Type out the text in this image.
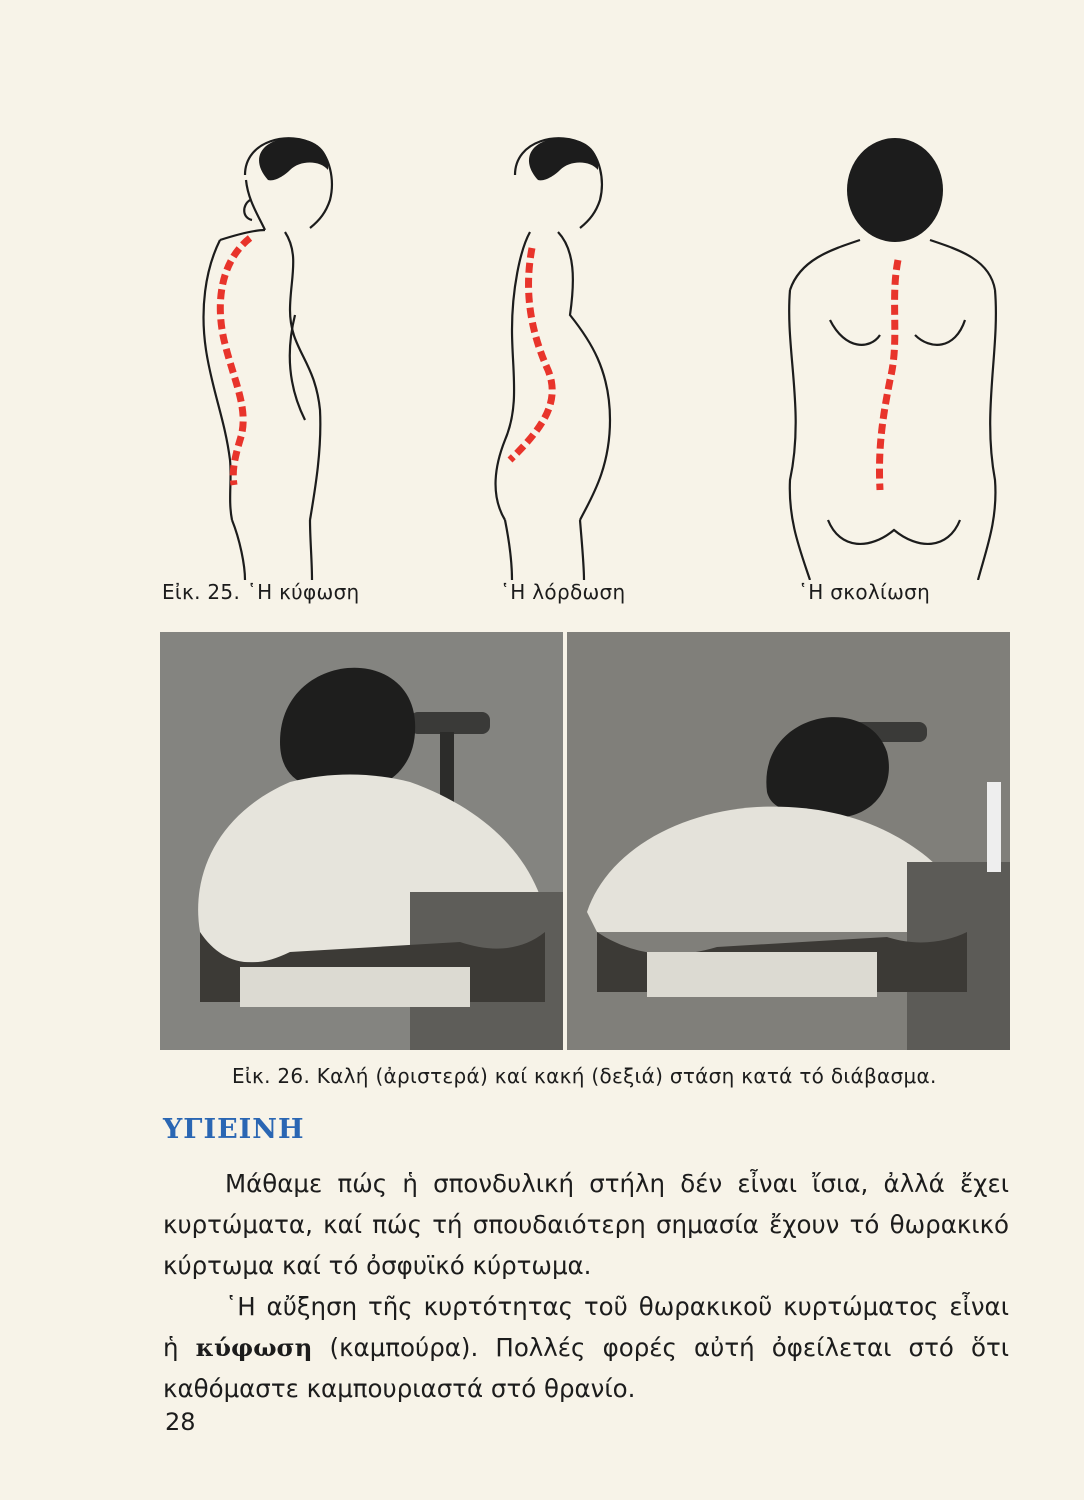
Εἰκ. 25. ῾Η κύφωση	῾Η λόρδωση	῾Η σκολίωση
Εἰκ. 26. Καλή (ἀριστερά) καί κακή (δεξιά) στάση κατά τό διάβασμα.
ΥΓΙΕΙΝΗ

Μάθαμε πώς ἡ σπονδυλική στήλη δέν εἶναι ἴσια, ἀλλά ἔχει κυρτώματα, καί πώς τή σπουδαιότερη σημασία ἔχουν τό θωρακικό κύρτωμα καί τό ὀσφυϊκό κύρτωμα.

῾Η αὔξηση τῆς κυρτότητας τοῦ θωρακικοῦ κυρτώματος εἶναι ἡ κύφωση (καμπούρα). Πολλές φορές αὐτή ὀφείλεται στό ὅτι καθόμαστε καμπουριαστά στό θρανίο.

28
